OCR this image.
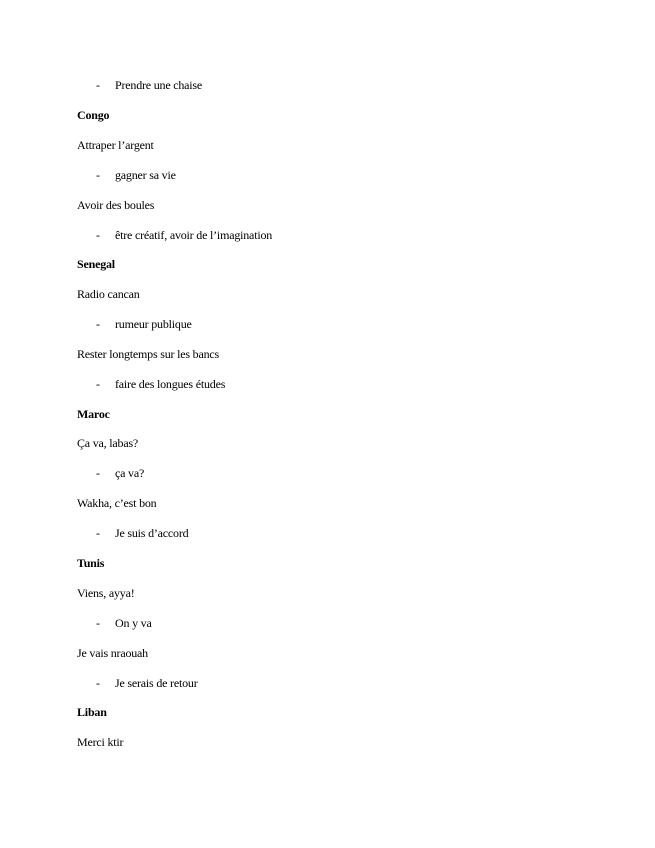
- Prendre une chaise
Congo
Attraper l’argent
- gagner sa vie
Avoir des boules
- être créatif, avoir de l’imagination
Senegal
Radio cancan
- rumeur publique
Rester longtemps sur les bancs
- faire des longues études
Maroc
Ça va, labas?
- ça va?
Wakha, c’est bon
- Je suis d’accord
Tunis
Viens, ayya!
- On y va
Je vais nraouah
- Je serais de retour
Liban
Merci ktir
